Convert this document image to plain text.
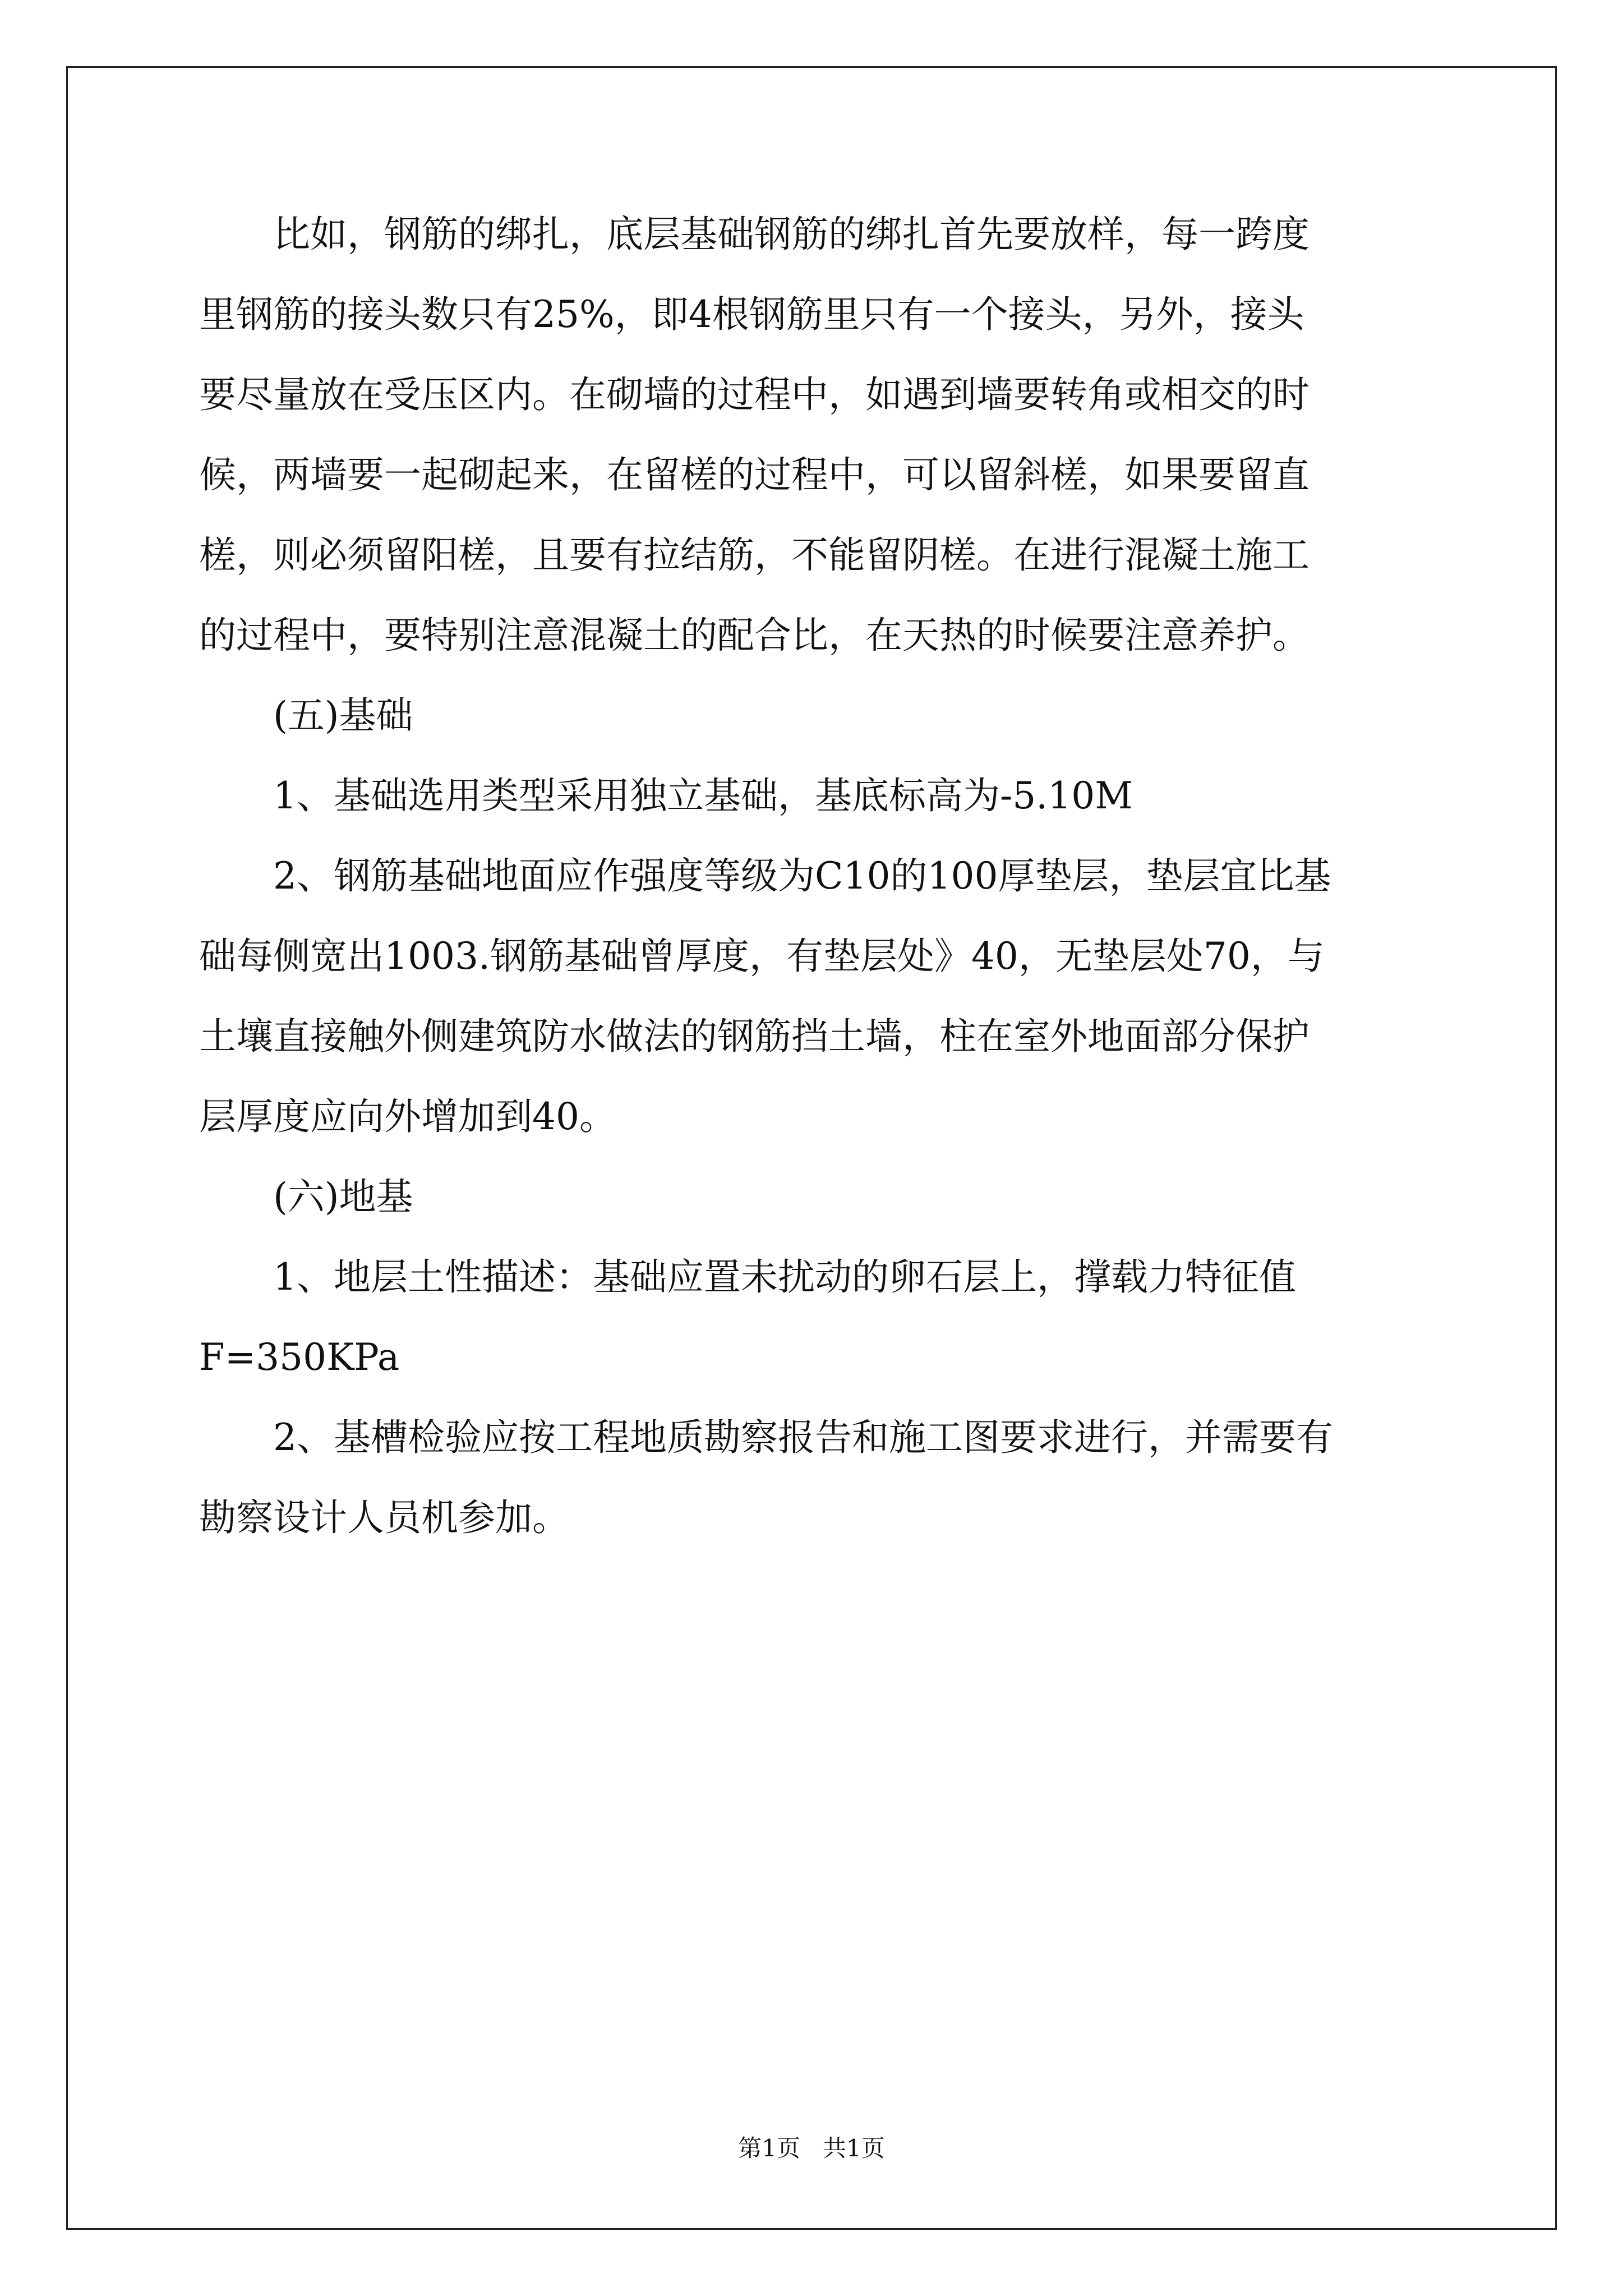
　　比如，钢筋的绑扎，底层基础钢筋的绑扎首先要放样，每一跨度
里钢筋的接头数只有25%，即4根钢筋里只有一个接头，另外，接头
要尽量放在受压区内。在砌墙的过程中，如遇到墙要转角或相交的时
候，两墙要一起砌起来，在留槎的过程中，可以留斜槎，如果要留直
槎，则必须留阳槎，且要有拉结筋，不能留阴槎。在进行混凝土施工
的过程中，要特别注意混凝土的配合比，在天热的时候要注意养护。
　　(五)基础
　　1、基础选用类型采用独立基础，基底标高为-5.10M
　　2、钢筋基础地面应作强度等级为C10的100厚垫层，垫层宜比基
础每侧宽出1003.钢筋基础曾厚度，有垫层处》40，无垫层处70，与
土壤直接触外侧建筑防水做法的钢筋挡土墙，柱在室外地面部分保护
层厚度应向外增加到40。
　　(六)地基
　　1、地层土性描述：基础应置未扰动的卵石层上，撑载力特征值
F=350KPa
　　2、基槽检验应按工程地质勘察报告和施工图要求进行，并需要有
勘察设计人员机参加。
第1页 共1页
